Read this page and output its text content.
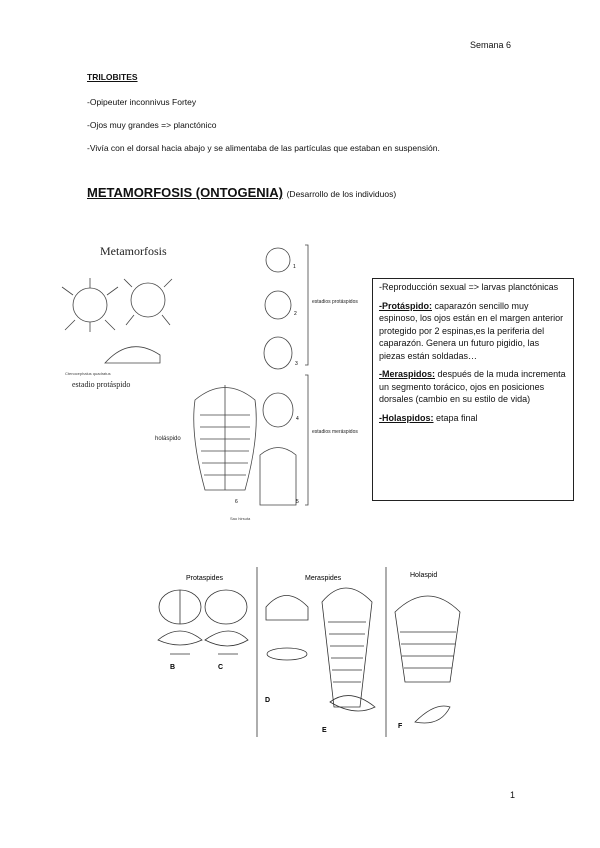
Semana 6
TRILOBITES
-Opipeuter inconnivus Fortey
-Ojos muy grandes => planctónico
-Vivía con el dorsal hacia abajo y se alimentaba de las partículas que estaban en suspensión.
METAMORFOSIS (ONTOGENIA) (Desarrollo de los individuos)
Metamorfosis
Ctenocephalus quadratus
estadio protáspido
holáspido
estadios protáspidos
estadios meráspidos
1
2
3
4
5
6
Sao hirsuta

-Reproducción sexual => larvas planctónicas

-Protáspido: caparazón sencillo muy espinoso, los ojos están en el margen anterior protegido por 2 espinas,es la periferia del caparazón. Genera un futuro pigidio, las piezas están soldadas…

-Meraspidos: después de la muda incrementa un segmento torácico, ojos en posiciones dorsales (cambio en su estilo de vida)

-Holaspidos: etapa final

Protaspides	Meraspides	Holaspid
B	C
D
E
F
1
